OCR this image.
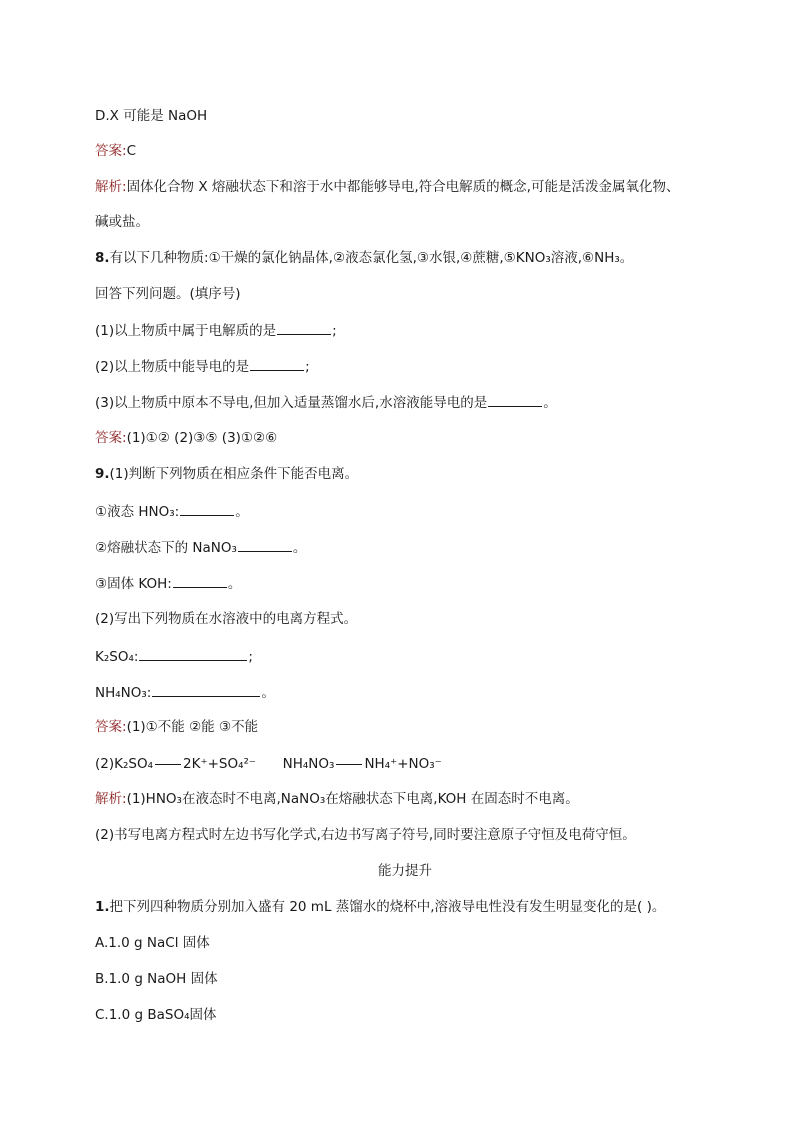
D.X 可能是 NaOH
答案:C
解析:固体化合物 X 熔融状态下和溶于水中都能够导电,符合电解质的概念,可能是活泼金属氧化物、
碱或盐。
8.有以下几种物质:①干燥的氯化钠晶体,②液态氯化氢,③水银,④蔗糖,⑤KNO₃溶液,⑥NH₃。
回答下列问题。(填序号)
(1)以上物质中属于电解质的是	;
(2)以上物质中能导电的是	;
(3)以上物质中原本不导电,但加入适量蒸馏水后,水溶液能导电的是	。
答案:(1)①② (2)③⑤ (3)①②⑥
9.(1)判断下列物质在相应条件下能否电离。
①液态 HNO₃:	。
②熔融状态下的 NaNO₃	。
③固体 KOH:	。
(2)写出下列物质在水溶液中的电离方程式。
K₂SO₄:	;
NH₄NO₃:	。
答案:(1)①不能 ②能 ③不能
(2)K₂SO₄ 2K⁺+SO₄²⁻ NH₄NO₃ NH₄⁺+NO₃⁻
解析:(1)HNO₃在液态时不电离,NaNO₃在熔融状态下电离,KOH 在固态时不电离。
(2)书写电离方程式时左边书写化学式,右边书写离子符号,同时要注意原子守恒及电荷守恒。
能力提升
1.把下列四种物质分别加入盛有 20 mL 蒸馏水的烧杯中,溶液导电性没有发生明显变化的是( )。
A.1.0 g NaCl 固体
B.1.0 g NaOH 固体
C.1.0 g BaSO₄固体
